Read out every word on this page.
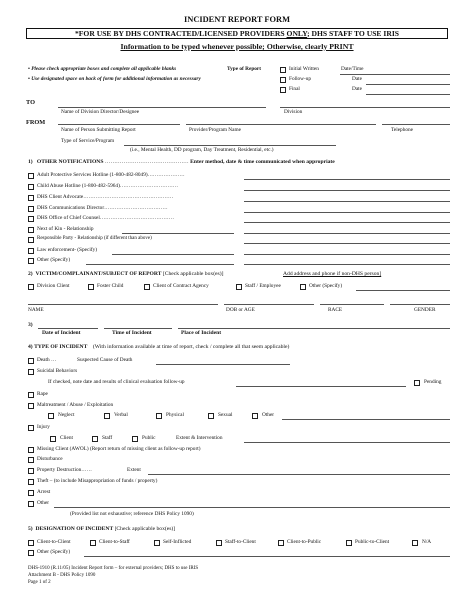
INCIDENT REPORT FORM
*FOR USE BY DHS CONTRACTED/LICENSED PROVIDERS ONLY; DHS STAFF TO USE IRIS
Information to be typed whenever possible; Otherwise, clearly PRINT
• Please check appropriate boxes and complete all applicable blanks
• Use designated space on back of form for additional information as necessary
Type of Report	Initial Written	Date/Time
Follow-up	Date
Final	Date
TO
Name of Division Director/Designee	Division
FROM
Name of Person Submitting Report	Provider/Program Name	Telephone
Type of Service/Program
(i.e., Mental Health, DD program, Day Treatment, Residential, etc.)
1) OTHER NOTIFICATIONS ……………………………………… Enter method, date & time communicated when appropriate
Adult Protective Services Hotline (1-800-482-8049)…………………
Child Abuse Hotline (1-800-482-5964)……………………………
DHS Client Advocate……………………………………………
DHS Communications Director………………………………
DHS Office of Chief Counsel……………………………………
Next of Kin - Relationship
Responsible Party - Relationship (if different than above)
Law enforcement- (Specify)
Other (Specify)
2) VICTIM/COMPLAINANT/SUBJECT OF REPORT [Check applicable box(es)]	Add address and phone if non-DHS person]
Division Client	Foster Child	Client of Contract Agency	Staff / Employee	Other (Specify)
NAME	DOB or AGE	RACE	GENDER
3)
Date of Incident	Time of Incident	Place of Incident
4) TYPE OF INCIDENT (With information available at time of report, check / complete all that seem applicable)
Death …	Suspected Cause of Death
Suicidal Behaviors
If checked, note date and results of clinical evaluation follow-up	Pending
Rape
Maltreatment / Abuse / Exploitation
Neglect	Verbal	Physical	Sexual	Other
Injury
Client	Staff	Public	Extent & Intervention
Missing Client (AWOL) (Report return of missing client as follow-up report)
Disturbance
Property Destruction……	Extent
Theft – (to include Misappropriation of funds / property)
Arrest
Other
(Provided list not exhaustive; reference DHS Policy 1090)
5) DESIGNATION OF INCIDENT [Check applicable box(es)]
Client-to-Client	Client-to-Staff	Self-Inflicted	Staff-to-Client	Client-to-Public	Public-to-Client	N/A
Other (Specify)
DHS-1910 (R.11/05) Incident Report form – for external providers; DHS to use IRIS
Attachment B - DHS Policy 1090
Page 1 of 2
